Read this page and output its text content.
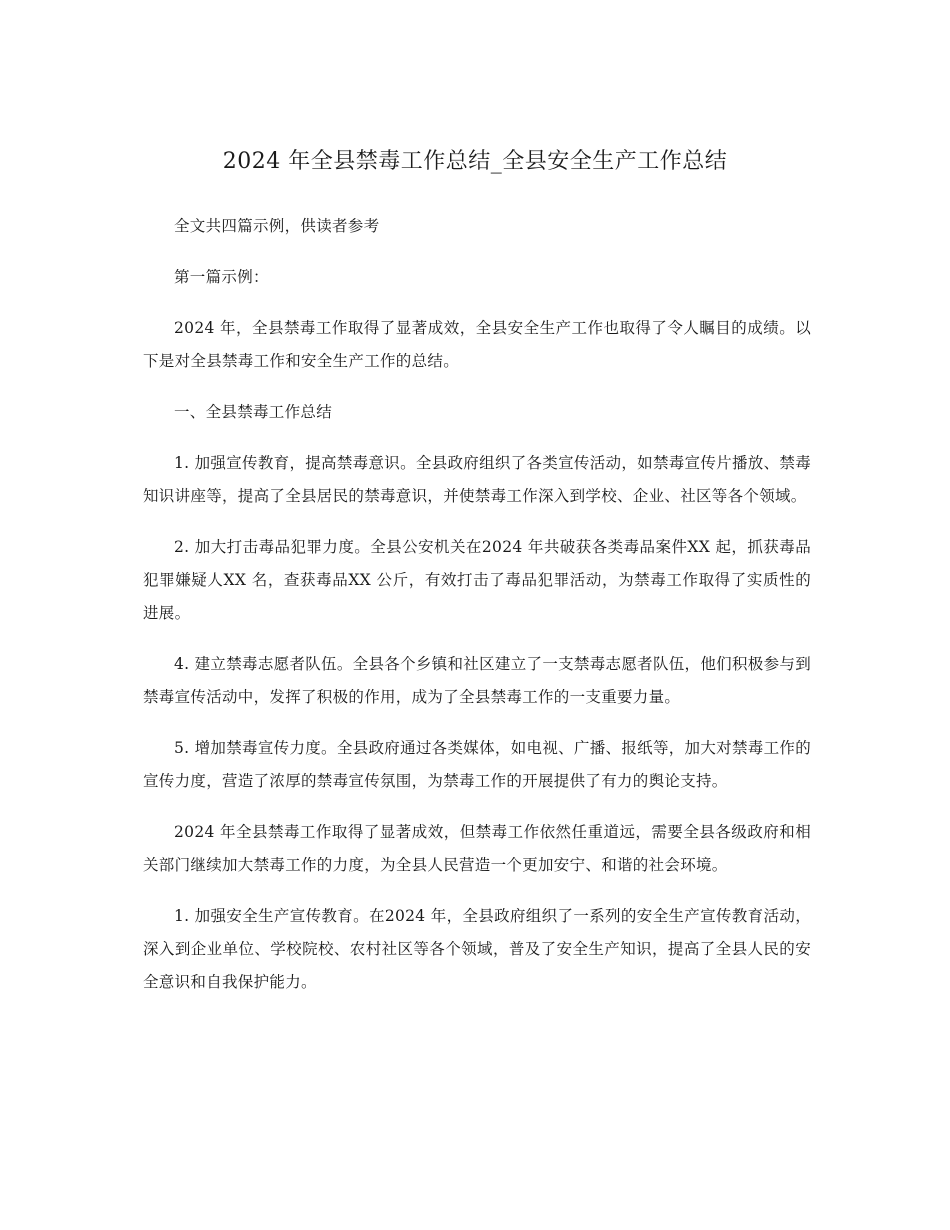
2024 年全县禁毒工作总结_全县安全生产工作总结

全文共四篇示例，供读者参考

第一篇示例：

2024 年，全县禁毒工作取得了显著成效，全县安全生产工作也取得了令人瞩目的成绩。以下是对全县禁毒工作和安全生产工作的总结。

一、全县禁毒工作总结

1. 加强宣传教育，提高禁毒意识。全县政府组织了各类宣传活动，如禁毒宣传片播放、禁毒知识讲座等，提高了全县居民的禁毒意识，并使禁毒工作深入到学校、企业、社区等各个领域。

2. 加大打击毒品犯罪力度。全县公安机关在2024 年共破获各类毒品案件XX 起，抓获毒品犯罪嫌疑人XX 名，查获毒品XX 公斤，有效打击了毒品犯罪活动，为禁毒工作取得了实质性的进展。

4. 建立禁毒志愿者队伍。全县各个乡镇和社区建立了一支禁毒志愿者队伍，他们积极参与到禁毒宣传活动中，发挥了积极的作用，成为了全县禁毒工作的一支重要力量。

5. 增加禁毒宣传力度。全县政府通过各类媒体，如电视、广播、报纸等，加大对禁毒工作的宣传力度，营造了浓厚的禁毒宣传氛围，为禁毒工作的开展提供了有力的舆论支持。

2024 年全县禁毒工作取得了显著成效，但禁毒工作依然任重道远，需要全县各级政府和相关部门继续加大禁毒工作的力度，为全县人民营造一个更加安宁、和谐的社会环境。

1. 加强安全生产宣传教育。在2024 年，全县政府组织了一系列的安全生产宣传教育活动，深入到企业单位、学校院校、农村社区等各个领域，普及了安全生产知识，提高了全县人民的安全意识和自我保护能力。
